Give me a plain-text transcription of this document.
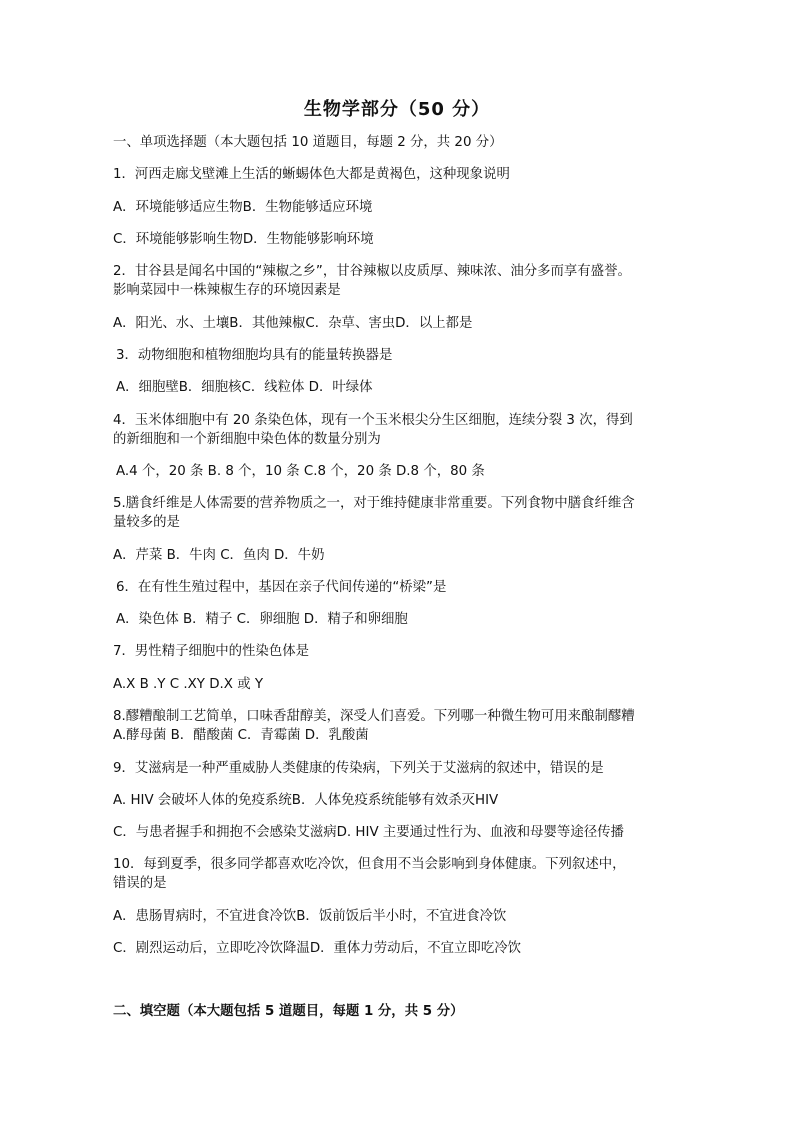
生物学部分（50 分）
一、单项选择题（本大题包括 10 道题目，每题 2 分，共 20 分）
1．河西走廊戈壁滩上生活的蜥蜴体色大都是黄褐色，这种现象说明
A．环境能够适应生物B．生物能够适应环境
C．环境能够影响生物D．生物能够影响环境
2．甘谷县是闻名中国的“辣椒之乡”，甘谷辣椒以皮质厚、辣味浓、油分多而享有盛誉。
影响菜园中一株辣椒生存的环境因素是
A．阳光、水、土壤B．其他辣椒C．杂草、害虫D．以上都是
3．动物细胞和植物细胞均具有的能量转换器是
A．细胞壁B．细胞核C．线粒体 D．叶绿体
4．玉米体细胞中有 20 条染色体，现有一个玉米根尖分生区细胞，连续分裂 3 次，得到
的新细胞和一个新细胞中染色体的数量分别为
A.4 个，20 条 B. 8 个，10 条 C.8 个，20 条 D.8 个，80 条
5.膳食纤维是人体需要的营养物质之一，对于维持健康非常重要。下列食物中膳食纤维含
量较多的是
A．芹菜 B．牛肉 C．鱼肉 D．牛奶
6．在有性生殖过程中，基因在亲子代间传递的“桥梁”是
A．染色体 B．精子 C．卵细胞 D．精子和卵细胞
7．男性精子细胞中的性染色体是
A.X B .Y C .XY D.X 或 Y
8.醪糟酿制工艺简单，口味香甜醇美，深受人们喜爱。下列哪一种微生物可用来酿制醪糟
A.酵母菌 B．醋酸菌 C．青霉菌 D．乳酸菌
9．艾滋病是一种严重威胁人类健康的传染病，下列关于艾滋病的叙述中，错误的是
A. HIV 会破坏人体的免疫系统B．人体免疫系统能够有效杀灭HIV
C．与患者握手和拥抱不会感染艾滋病D. HIV 主要通过性行为、血液和母婴等途径传播
10．每到夏季，很多同学都喜欢吃冷饮，但食用不当会影响到身体健康。下列叙述中，
错误的是
A．患肠胃病时，不宜进食冷饮B．饭前饭后半小时，不宜进食冷饮
C．剧烈运动后，立即吃冷饮降温D．重体力劳动后，不宜立即吃冷饮
二、填空题（本大题包括 5 道题目，每题 1 分，共 5 分）
